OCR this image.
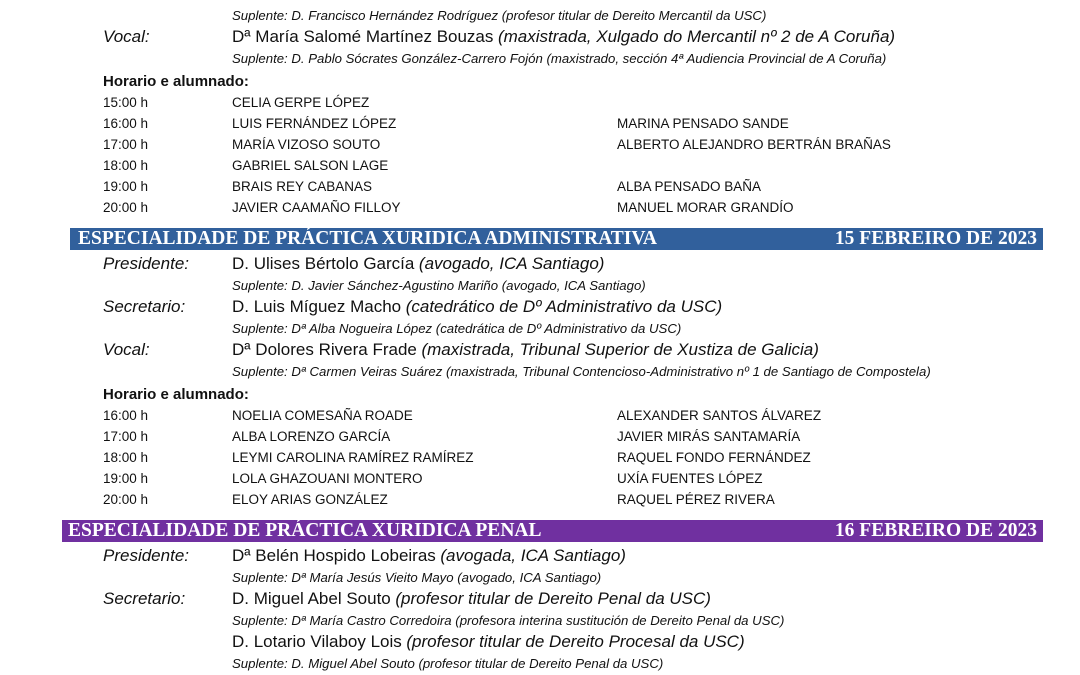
Suplente: D. Francisco Hernández Rodríguez (profesor titular de Dereito Mercantil da USC)
Vocal:	Dª María Salomé Martínez Bouzas (maxistrada, Xulgado do Mercantil nº 2 de A Coruña)
Suplente: D. Pablo Sócrates González-Carrero Fojón (maxistrado, sección 4ª Audiencia Provincial de A Coruña)
Horario e alumnado:
15:00 h	CELIA GERPE LÓPEZ
16:00 h	LUIS FERNÁNDEZ LÓPEZ	MARINA PENSADO SANDE
17:00 h	MARÍA VIZOSO SOUTO	ALBERTO ALEJANDRO BERTRÁN BRAÑAS
18:00 h	GABRIEL SALSON LAGE
19:00 h	BRAIS REY CABANAS	ALBA PENSADO BAÑA
20:00 h	JAVIER CAAMAÑO FILLOY	MANUEL MORAR GRANDÍO
ESPECIALIDADE DE PRÁCTICA XURIDICA ADMINISTRATIVA	15 FEBREIRO DE 2023
Presidente:	D. Ulises Bértolo García (avogado, ICA Santiago)
Suplente: D. Javier Sánchez-Agustino Mariño (avogado, ICA Santiago)
Secretario:	D. Luis Míguez Macho (catedrático de Dº Administrativo da USC)
Suplente: Dª Alba Nogueira López (catedrática de Dº Administrativo da USC)
Vocal:	Dª Dolores Rivera Frade (maxistrada, Tribunal Superior de Xustiza de Galicia)
Suplente: Dª Carmen Veiras Suárez (maxistrada, Tribunal Contencioso-Administrativo nº 1 de Santiago de Compostela)
Horario e alumnado:
16:00 h	NOELIA COMESAÑA ROADE	ALEXANDER SANTOS ÁLVAREZ
17:00 h	ALBA LORENZO GARCÍA	JAVIER MIRÁS SANTAMARÍA
18:00 h	LEYMI CAROLINA RAMÍREZ RAMÍREZ	RAQUEL FONDO FERNÁNDEZ
19:00 h	LOLA GHAZOUANI MONTERO	UXÍA FUENTES LÓPEZ
20:00 h	ELOY ARIAS GONZÁLEZ	RAQUEL PÉREZ RIVERA
ESPECIALIDADE DE PRÁCTICA XURIDICA PENAL	16 FEBREIRO DE 2023
Presidente:	Dª Belén Hospido Lobeiras (avogada, ICA Santiago)
Suplente: Dª María Jesús Vieito Mayo (avogado, ICA Santiago)
Secretario:	D. Miguel Abel Souto (profesor titular de Dereito Penal da USC)
Suplente: Dª María Castro Corredoira (profesora interina sustitución de Dereito Penal da USC)
D. Lotario Vilaboy Lois (profesor titular de Dereito Procesal da USC)
Suplente: D. Miguel Abel Souto (profesor titular de Dereito Penal da USC)
